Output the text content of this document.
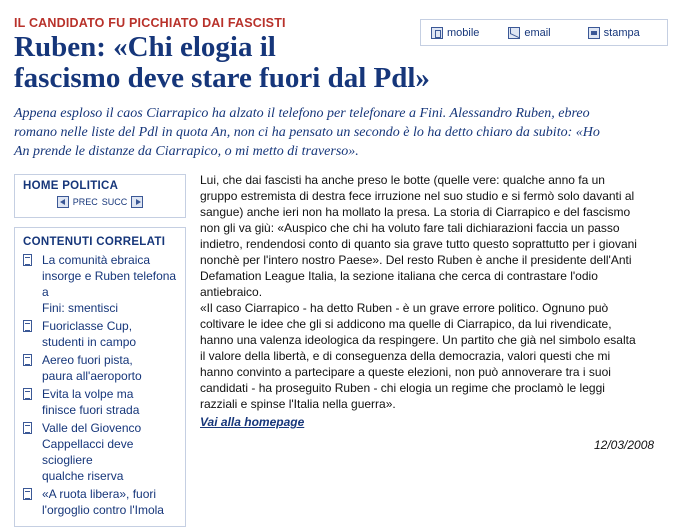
IL CANDIDATO FU PICCHIATO DAI FASCISTI
Ruben: «Chi elogia il
fascismo deve stare fuori dal Pdl»
mobile	email	stampa

Appena esploso il caos Ciarrapico ha alzato il telefono per telefonare a Fini. Alessandro Ruben, ebreo
romano nelle liste del Pdl in quota An, non ci ha pensato un secondo è lo ha detto chiaro da subito: «Ho
An prende le distanze da Ciarrapico, o mi metto di traverso».

HOME POLITICA
PREC SUCC
CONTENUTI CORRELATI
La comunità ebraica
insorge e Ruben telefona a
Fini: smentisci
Fuoriclasse Cup,
studenti in campo
Aereo fuori pista,
paura all'aeroporto
Evita la volpe ma
finisce fuori strada
Valle del Giovenco
Cappellacci deve sciogliere
qualche riserva
«A ruota libera», fuori
l'orgoglio contro l'Imola
Lui, che dai fascisti ha anche preso le botte (quelle vere: qualche anno fa un
gruppo estremista di destra fece irruzione nel suo studio e si fermò solo davanti al
sangue) anche ieri non ha mollato la presa. La storia di Ciarrapico e del fascismo
non gli va giù: «Auspico che chi ha voluto fare tali dichiarazioni faccia un passo
indietro, rendendosi conto di quanto sia grave tutto questo soprattutto per i giovani
nonchè per l'intero nostro Paese». Del resto Ruben è anche il presidente dell'Anti
Defamation League Italia, la sezione italiana che cerca di contrastare l'odio
antiebraico.
«Il caso Ciarrapico - ha detto Ruben - è un grave errore politico. Ognuno può
coltivare le idee che gli si addicono ma quelle di Ciarrapico, da lui rivendicate,
hanno una valenza ideologica da respingere. Un partito che già nel simbolo esalta
il valore della libertà, e di conseguenza della democrazia, valori questi che mi
hanno convinto a partecipare a queste elezioni, non può annoverare tra i suoi
candidati - ha proseguito Ruben - chi elogia un regime che proclamò le leggi
razziali e spinse l'Italia nella guerra».
Vai alla homepage
12/03/2008
